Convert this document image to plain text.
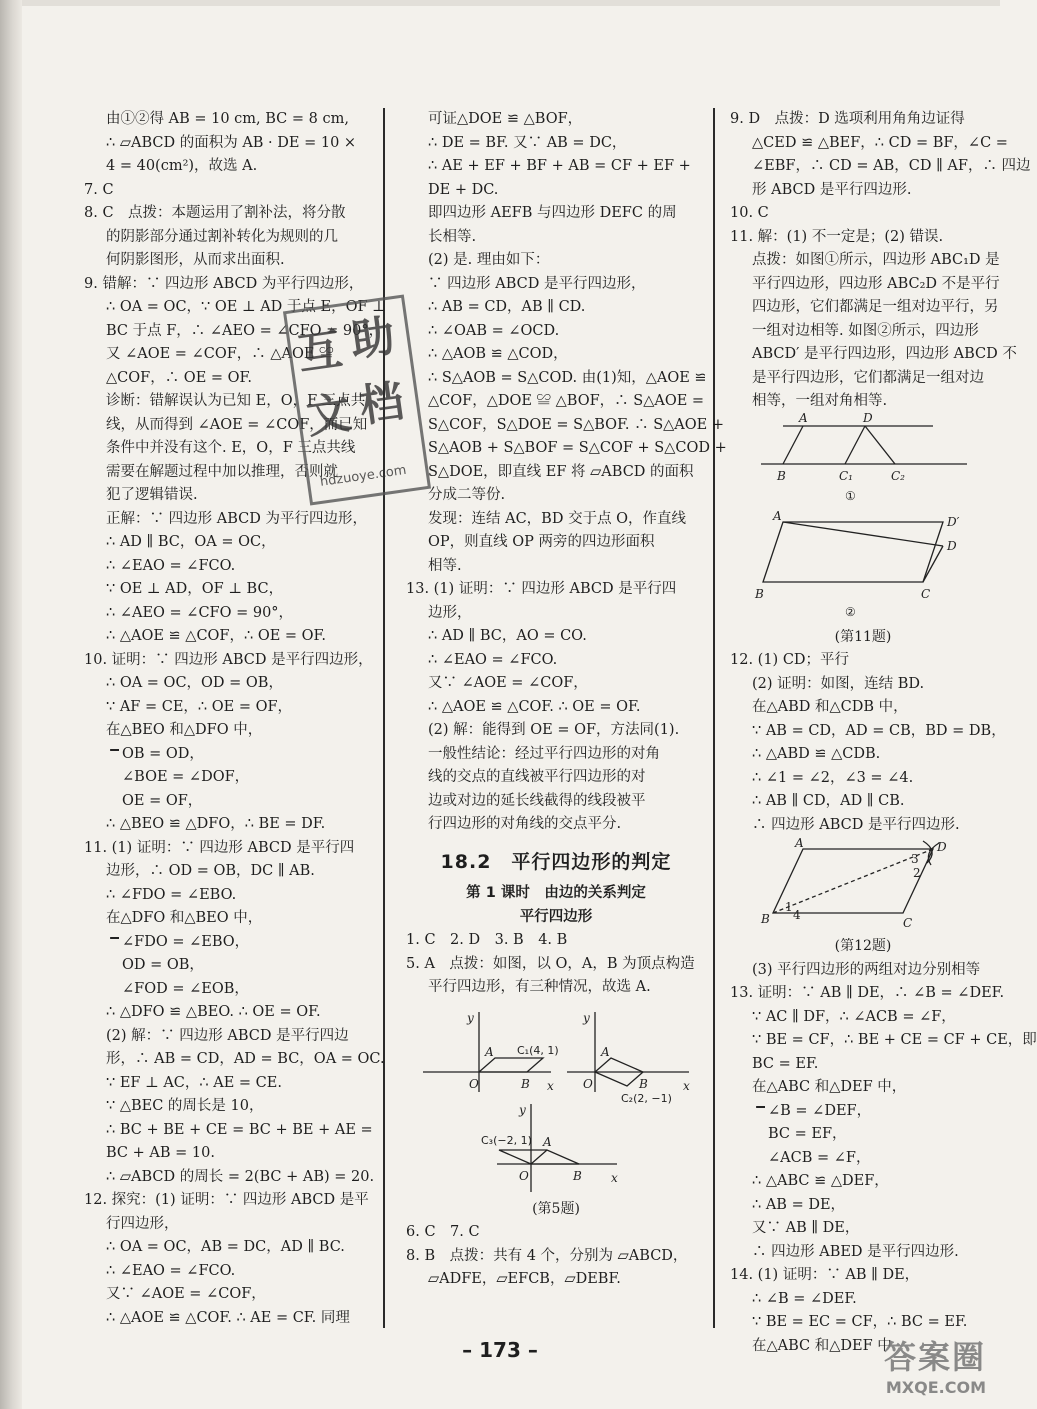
由①②得 AB = 10 cm, BC = 8 cm,

∴ ▱ABCD 的面积为 AB · DE = 10 ×

4 = 40(cm²)，故选 A.

7. C

8. C　点拨：本题运用了割补法，将分散

的阴影部分通过割补转化为规则的几

何阴影图形，从而求出面积.

9. 错解：∵ 四边形 ABCD 为平行四边形，

∴ OA = OC，∵ OE ⊥ AD 于点 E，OF ⊥

BC 于点 F，∴ ∠AEO = ∠CFO = 90°，

又 ∠AOE = ∠COF，∴ △AOE ≌

△COF，∴ OE = OF.

诊断：错解误认为已知 E，O，F 三点共

线，从而得到 ∠AOE = ∠COF，而已知

条件中并没有这个. E，O，F 三点共线

需要在解题过程中加以推理，否则就

犯了逻辑错误.

正解：∵ 四边形 ABCD 为平行四边形，

∴ AD ∥ BC，OA = OC，

∴ ∠EAO = ∠FCO.

∵ OE ⊥ AD，OF ⊥ BC，

∴ ∠AEO = ∠CFO = 90°，

∴ △AOE ≌ △COF，∴ OE = OF.

10. 证明：∵ 四边形 ABCD 是平行四边形，

∴ OA = OC，OD = OB，

∵ AF = CE，∴ OE = OF，

在△BEO 和△DFO 中，

OB = OD，

∠BOE = ∠DOF，

OE = OF，

∴ △BEO ≌ △DFO，∴ BE = DF.

11. (1) 证明：∵ 四边形 ABCD 是平行四

边形，∴ OD = OB，DC ∥ AB.

∴ ∠FDO = ∠EBO.

在△DFO 和△BEO 中，

∠FDO = ∠EBO，

OD = OB，

∠FOD = ∠EOB，

∴ △DFO ≌ △BEO. ∴ OE = OF.

(2) 解：∵ 四边形 ABCD 是平行四边

形，∴ AB = CD，AD = BC，OA = OC.

∵ EF ⊥ AC，∴ AE = CE.

∵ △BEC 的周长是 10，

∴ BC + BE + CE = BC + BE + AE =

BC + AB = 10.

∴ ▱ABCD 的周长 = 2(BC + AB) = 20.

12. 探究：(1) 证明：∵ 四边形 ABCD 是平

行四边形，

∴ OA = OC，AB = DC，AD ∥ BC.

∴ ∠EAO = ∠FCO.

又∵ ∠AOE = ∠COF，

∴ △AOE ≌ △COF. ∴ AE = CF. 同理

可证△DOE ≌ △BOF，

∴ DE = BF. 又∵ AB = DC，

∴ AE + EF + BF + AB = CF + EF +

DE + DC.

即四边形 AEFB 与四边形 DEFC 的周

长相等.

(2) 是. 理由如下：

∵ 四边形 ABCD 是平行四边形，

∴ AB = CD，AB ∥ CD.

∴ ∠OAB = ∠OCD.

∴ △AOB ≌ △COD，

∴ S△AOB = S△COD. 由(1)知，△AOE ≌

△COF，△DOE ≌ △BOF，∴ S△AOE =

S△COF，S△DOE = S△BOF. ∴ S△AOE +

S△AOB + S△BOF = S△COF + S△COD +

S△DOE，即直线 EF 将 ▱ABCD 的面积

分成二等份.

发现：连结 AC，BD 交于点 O，作直线

OP，则直线 OP 两旁的四边形面积

相等.

13. (1) 证明：∵ 四边形 ABCD 是平行四

边形，

∴ AD ∥ BC，AO = CO.

∴ ∠EAO = ∠FCO.

又∵ ∠AOE = ∠COF，

∴ △AOE ≌ △COF. ∴ OE = OF.

(2) 解：能得到 OE = OF，方法同(1).

一般性结论：经过平行四边形的对角

线的交点的直线被平行四边形的对

边或对边的延长线截得的线段被平

行四边形的对角线的交点平分.

18.2　平行四边形的判定

第 1 课时　由边的关系判定

平行四边形

1. C　2. D　3. B　4. B

5. A　点拨：如图，以 O，A，B 为顶点构造

平行四边形，有三种情况，故选 A.

y
x
O
A
B
y
x
O
A
B
y
x
O
A
B
C₁(4, 1)
C₂(2, −1)
C₃(−2, 1)

(第5题)

6. C　7. C

8. B　点拨：共有 4 个，分别为 ▱ABCD，

▱ADFE，▱EFCB，▱DEBF.

9. D　点拨：D 选项利用角角边证得

△CED ≌ △BEF，∴ CD = BF，∠C =

∠EBF，∴ CD = AB，CD ∥ AF，∴ 四边

形 ABCD 是平行四边形.

10. C

11. 解：(1) 不一定是；(2) 错误.

点拨：如图①所示，四边形 ABC₁D 是

平行四边形，四边形 ABC₂D 不是平行

四边形，它们都满足一组对边平行，另

一组对边相等. 如图②所示，四边形

ABCD′ 是平行四边形，四边形 ABCD 不

是平行四边形，它们都满足一组对边

相等，一组对角相等.

A	D
B	C₁	C₂
①
A	D′
D
B	C
②

(第11题)

12. (1) CD；平行

(2) 证明：如图，连结 BD.

在△ABD 和△CDB 中，

∵ AB = CD，AD = CB，BD = DB，

∴ △ABD ≌ △CDB.

∴ ∠1 = ∠2，∠3 = ∠4.

∴ AB ∥ CD，AD ∥ CB.

∴ 四边形 ABCD 是平行四边形.

A	D
B	C
1
4
3
2

(第12题)

(3) 平行四边形的两组对边分别相等

13. 证明：∵ AB ∥ DE，∴ ∠B = ∠DEF.

∵ AC ∥ DF，∴ ∠ACB = ∠F，

∵ BE = CF，∴ BE + CE = CF + CE，即

BC = EF.

在△ABC 和△DEF 中，

∠B = ∠DEF，

BC = EF，

∠ACB = ∠F，

∴ △ABC ≌ △DEF，

∴ AB = DE，

又∵ AB ∥ DE，

∴ 四边形 ABED 是平行四边形.

14. (1) 证明：∵ AB ∥ DE，

∴ ∠B = ∠DEF.

∵ BE = EC = CF，∴ BC = EF.

在△ABC 和△DEF 中

互 助
文 档
hdzuoye.com
– 173 –	答案圈
MXQE.COM
